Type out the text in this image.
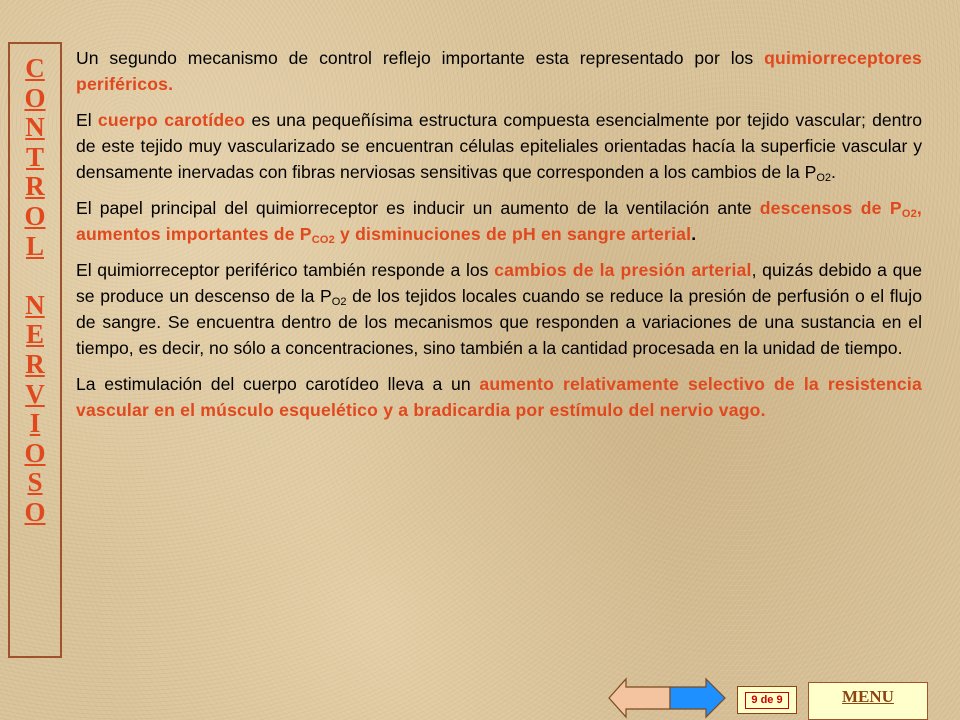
C
O
N
T
R
O
L
N
E
R
V
I
O
S
O

Un segundo mecanismo de control reflejo importante esta representado por los quimiorreceptores periféricos.

El cuerpo carotídeo es una pequeñísima estructura compuesta esencialmente por tejido vascular; dentro de este tejido muy vascularizado se encuentran células epiteliales orientadas hacía la superficie vascular y densamente inervadas con fibras nerviosas sensitivas que corresponden a los cambios de la $P_{O2}$.

El papel principal del quimiorreceptor es inducir un aumento de la ventilación ante descensos de $P_{O2}$, aumentos importantes de $P_{CO2}$ y disminuciones de pH en sangre arterial.

El quimiorreceptor periférico también responde a los cambios de la presión arterial, quizás debido a que se produce un descenso de la $P_{O2}$ de los tejidos locales cuando se reduce la presión de perfusión o el flujo de sangre. Se encuentra dentro de los mecanismos que responden a variaciones de una sustancia en el tiempo, es decir, no sólo a concentraciones, sino también a la cantidad procesada en la unidad de tiempo.

La estimulación del cuerpo carotídeo lleva a un aumento relativamente selectivo de la resistencia vascular en el músculo esquelético y a bradicardia por estímulo del nervio vago.

9 de 9	MENU
